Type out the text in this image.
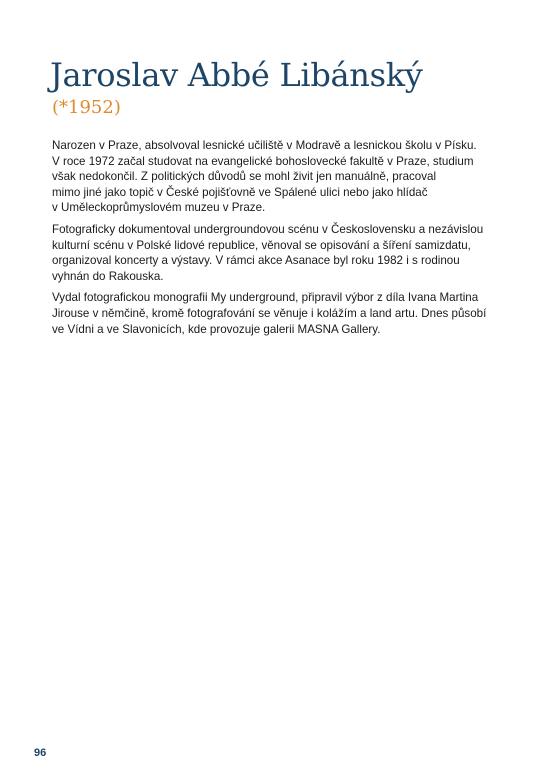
Jaroslav Abbé Libánský
(*1952)

Narozen v Praze, absolvoval lesnické učiliště v Modravě a lesnickou školu v Písku.
V roce 1972 začal studovat na evangelické bohoslovecké fakultě v Praze, studium
však nedokončil. Z politických důvodů se mohl živit jen manuálně, pracoval
mimo jiné jako topič v České pojišťovně ve Spálené ulici nebo jako hlídač
v Uměleckoprůmyslovém muzeu v Praze.

Fotograficky dokumentoval undergroundovou scénu v Československu a nezávislou
kulturní scénu v Polské lidové republice, věnoval se opisování a šíření samizdatu,
organizoval koncerty a výstavy. V rámci akce Asanace byl roku 1982 i s rodinou
vyhnán do Rakouska.

Vydal fotografickou monografii My underground, připravil výbor z díla Ivana Martina
Jirouse v němčině, kromě fotografování se věnuje i kolážím a land artu. Dnes působí
ve Vídni a ve Slavonicích, kde provozuje galerii MASNA Gallery.

96
